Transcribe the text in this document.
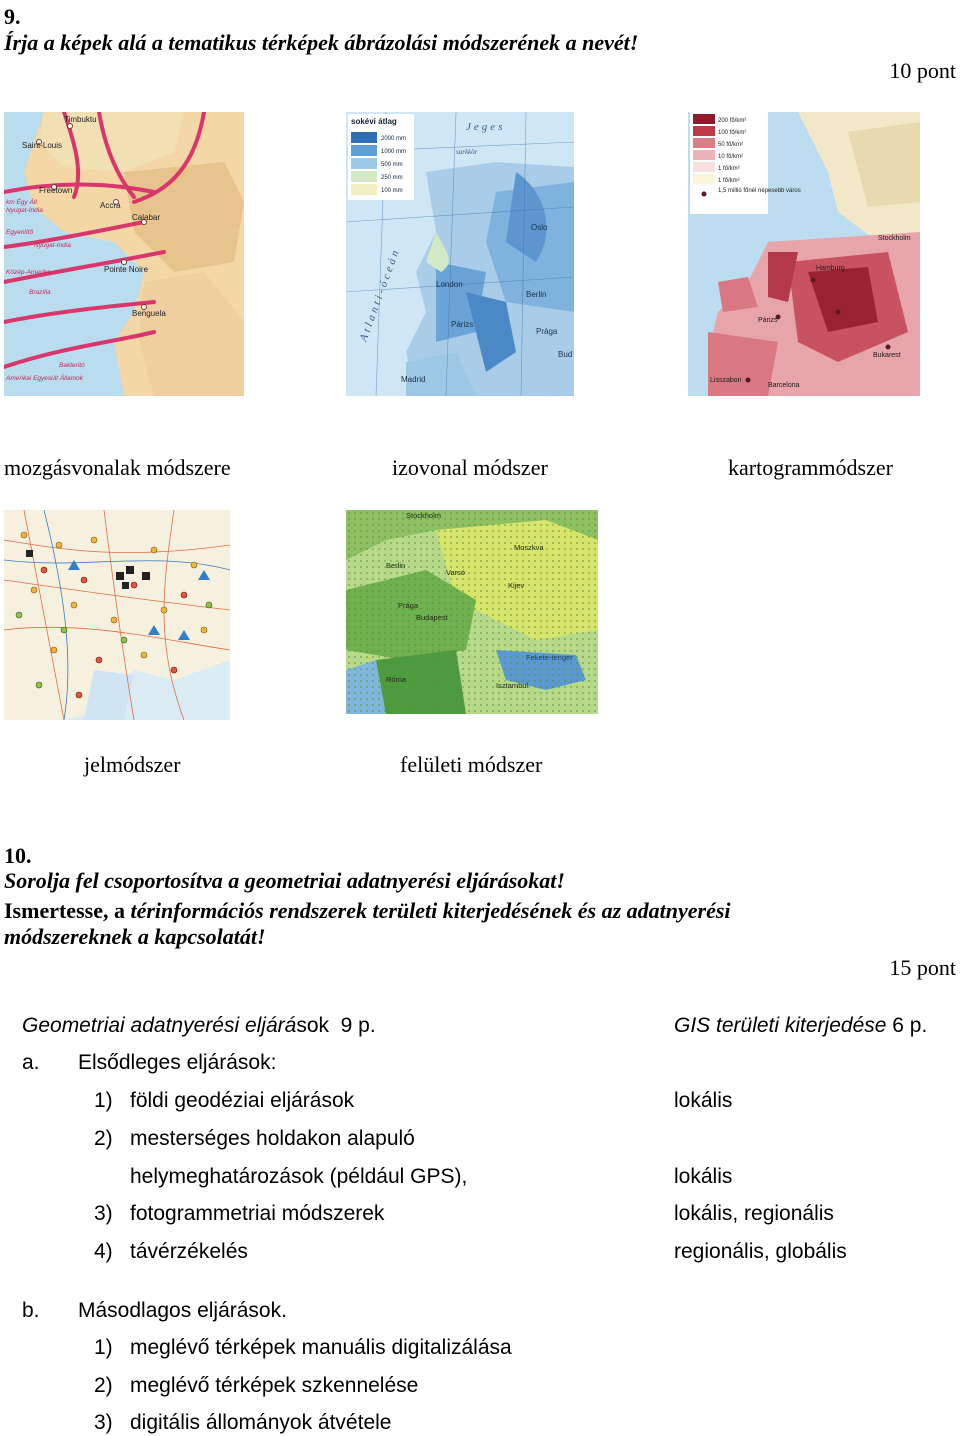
9.
Írja a képek alá a tematikus térképek ábrázolási módszerének a nevét!
10 pont
Timbuktu
Saint-Louis
Freetown
Accra
Calabar
Pointe Noire
Benguela
km Égy Áll.
Nyugat-India
Egyenlítő
Nyugat-India
Közép-Amerika
Brazília
Bakteritó
Amerikai Egyesült Államok
sokévi átlag
2000 mm
1000 mm
500 mm
250 mm
100 mm
Oslo
London
Berlin
Párizs
Prága
Bud
Madrid
Jeges
sarkkör
Atlanti-óceán
200 fő/km²
100 fő/km²
50 fő/km²
10 fő/km²
1 fő/km²
1 fő/km²
1,5 millió főnél népesebb város
Stockholm
Hamburg
Párizs
Bukarest
Barcelona
Lisszabon
mozgásvonalak módszere	izovonal módszer	kartogrammódszer
Stockholm
Moszkva
Berlin
Varsó
Kijev
Prága
Budapest
Fekete-tenger
Róma
Isztambul
jelmódszer	felületi módszer
10.
Sorolja fel csoportosítva a geometriai adatnyerési eljárásokat!
Ismertesse, a térinformációs rendszerek területi kiterjedésének és az adatnyerési módszereknek a kapcsolatát!
15 pont
Geometriai adatnyerési eljárások  9 p.	GIS területi kiterjedése 6 p.
a. Elsődleges eljárások:
1) földi geodéziai eljárások	lokális
2) mesterséges holdakon alapuló
helymeghatározások (például GPS),	lokális
3) fotogrammetriai módszerek	lokális, regionális
4) távérzékelés	regionális, globális
b. Másodlagos eljárások.
1) meglévő térképek manuális digitalizálása
2) meglévő térképek szkennelése
3) digitális állományok átvétele
